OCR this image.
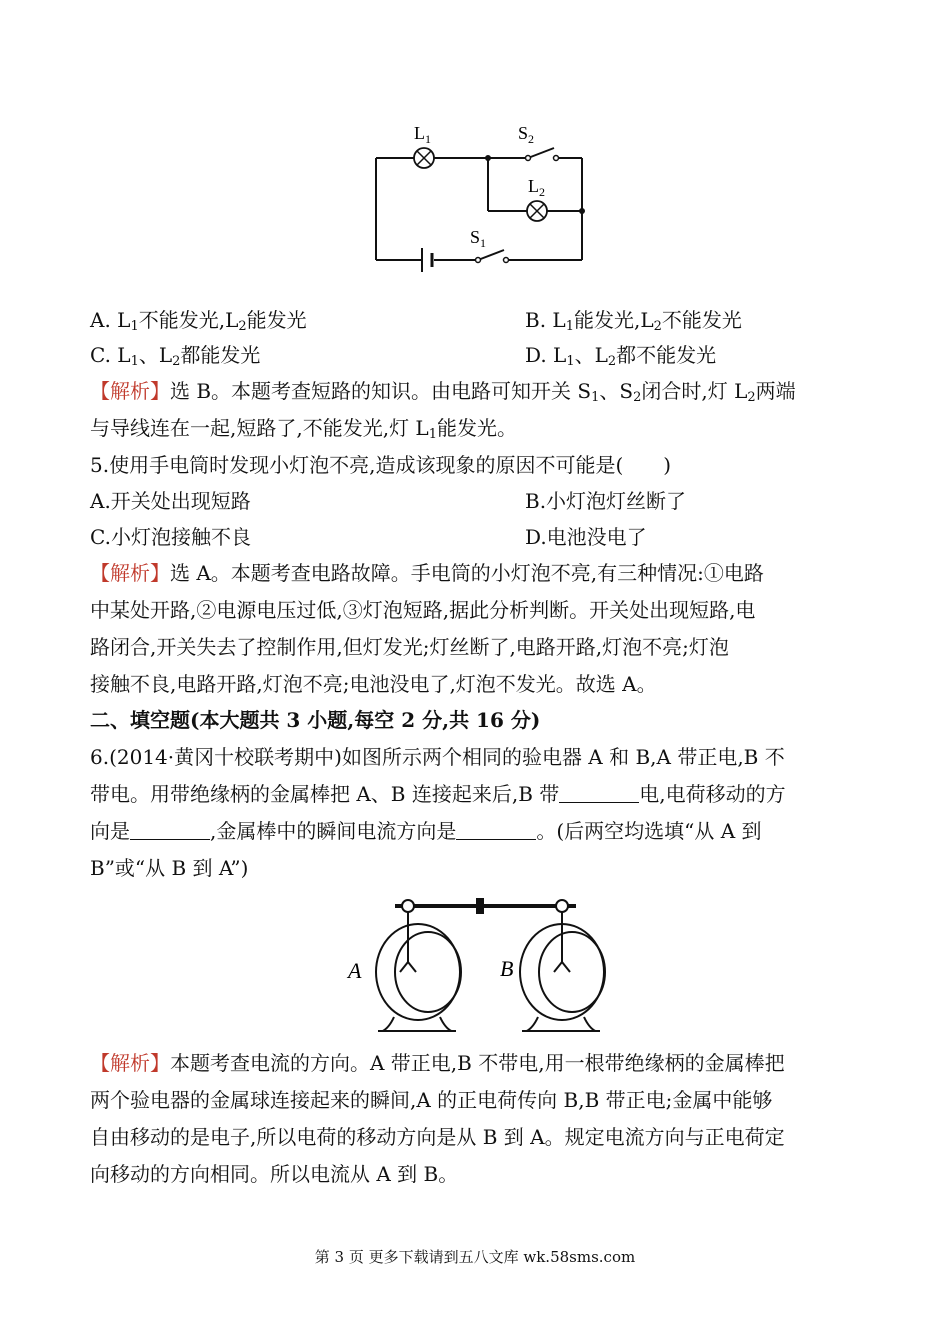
$L_1$	$S_2$
$L_2$
$S_1$
A. $L_1$不能发光$,L_2$能发光	B. $L_1$能发光$,L_2$不能发光
C. $L_1$、$L_2$都能发光	D. $L_1$、$L_2$都不能发光
【解析】选 B。本题考查短路的知识。由电路可知开关 $S_1$、$S_2$闭合时,灯 $L_2$两端
与导线连在一起,短路了,不能发光,灯 $L_1$能发光。
5.使用手电筒时发现小灯泡不亮,造成该现象的原因不可能是(　　)
A.开关处出现短路	B.小灯泡灯丝断了
C.小灯泡接触不良	D.电池没电了
【解析】选 A。本题考查电路故障。手电筒的小灯泡不亮,有三种情况:①电路
中某处开路,②电源电压过低,③灯泡短路,据此分析判断。开关处出现短路,电
路闭合,开关失去了控制作用,但灯发光;灯丝断了,电路开路,灯泡不亮;灯泡
接触不良,电路开路,灯泡不亮;电池没电了,灯泡不发光。故选 A。
二、填空题(本大题共 3 小题,每空 2 分,共 16 分)
6.(2014·黄冈十校联考期中)如图所示两个相同的验电器 A 和 B,A 带正电,B 不
带电。用带绝缘柄的金属棒把 A、B 连接起来后,B 带	电,电荷移动的方
向是	,金属棒中的瞬间电流方向是	。(后两空均选填“从 A 到
B”或“从 B 到 A”)
A	B
【解析】本题考查电流的方向。A 带正电,B 不带电,用一根带绝缘柄的金属棒把
两个验电器的金属球连接起来的瞬间,A 的正电荷传向 B,B 带正电;金属中能够
自由移动的是电子,所以电荷的移动方向是从 B 到 A。规定电流方向与正电荷定
向移动的方向相同。所以电流从 A 到 B。
第 3 页 更多下载请到五八文库 wk.58sms.com
